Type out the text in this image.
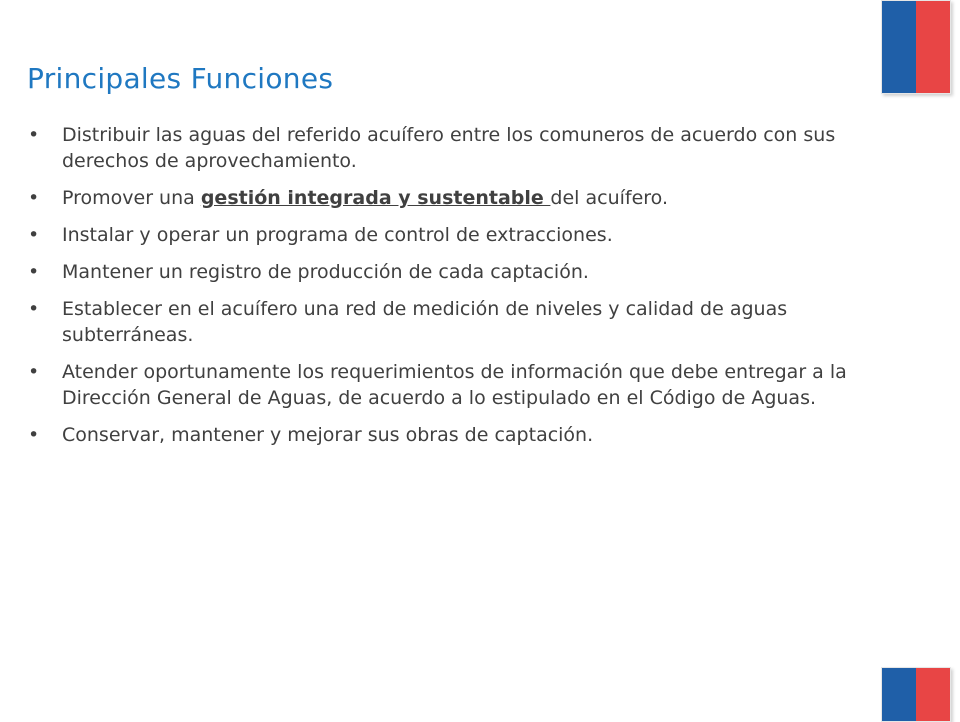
Principales Funciones
• Distribuir las aguas del referido acuífero entre los comuneros de acuerdo con sus derechos de aprovechamiento.
• Promover una gestión integrada y sustentable del acuífero.
• Instalar y operar un programa de control de extracciones.
• Mantener un registro de producción de cada captación.
• Establecer en el acuífero una red de medición de niveles y calidad de aguas subterráneas.
• Atender oportunamente los requerimientos de información que debe entregar a la Dirección General de Aguas, de acuerdo a lo estipulado en el Código de Aguas.
• Conservar, mantener y mejorar sus obras de captación.
